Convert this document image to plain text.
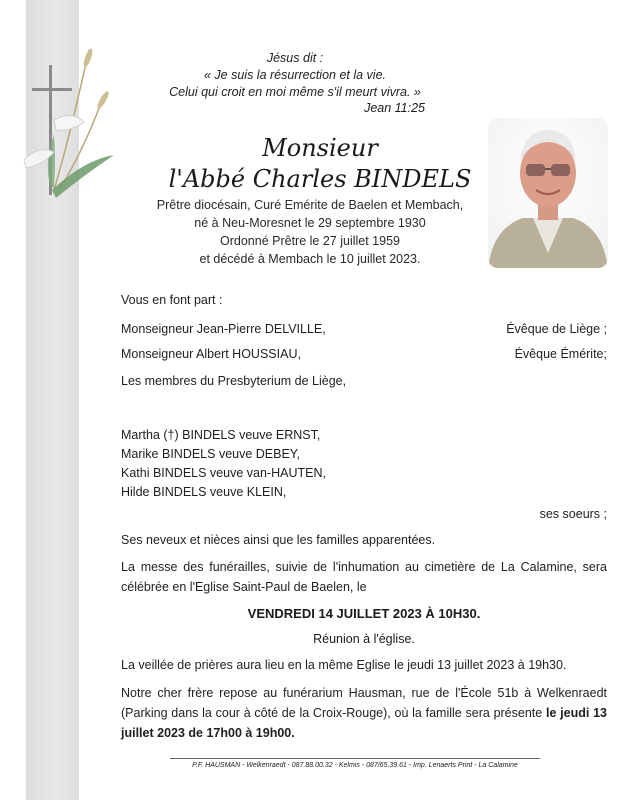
Jésus dit :
« Je suis la résurrection et la vie.
Celui qui croit en moi même s'il meurt vivra. »
Jean 11:25
Monsieur
l'Abbé Charles BINDELS
Prêtre diocésain, Curé Emérite de Baelen et Membach,
né à Neu-Moresnet le 29 septembre 1930
Ordonné Prêtre le 27 juillet 1959
et décédé à Membach le 10 juillet 2023.
Vous en font part :
Monseigneur Jean-Pierre DELVILLE,	Évêque de Liège ;
Monseigneur Albert HOUSSIAU,	Évêque Émérite;
Les membres du Presbyterium de Liège,
Martha (†) BINDELS veuve ERNST,
Marike BINDELS veuve DEBEY,
Kathi BINDELS veuve van-HAUTEN,
Hilde BINDELS veuve KLEIN,
ses soeurs ;
Ses neveux et nièces ainsi que les familles apparentées.
La messe des funérailles, suivie de l'inhumation au cimetière de La Calamine, sera célébrée en l'Eglise Saint-Paul de Baelen, le
VENDREDI 14 JUILLET 2023 À 10H30.
Réunion à l'église.
La veillée de prières aura lieu en la même Eglise le jeudi 13 juillet 2023 à 19h30.
Notre cher frère repose au funérarium Hausman, rue de l'École 51b à Welkenraedt (Parking dans la cour à côté de la Croix-Rouge), où la famille sera présente le jeudi 13 juillet 2023 de 17h00 à 19h00.
P.F. HAUSMAN - Welkenraedt - 087.88.00.32 - Kelmis - 087/65.39.61 - Imp. Lenaerts Print - La Calamine
